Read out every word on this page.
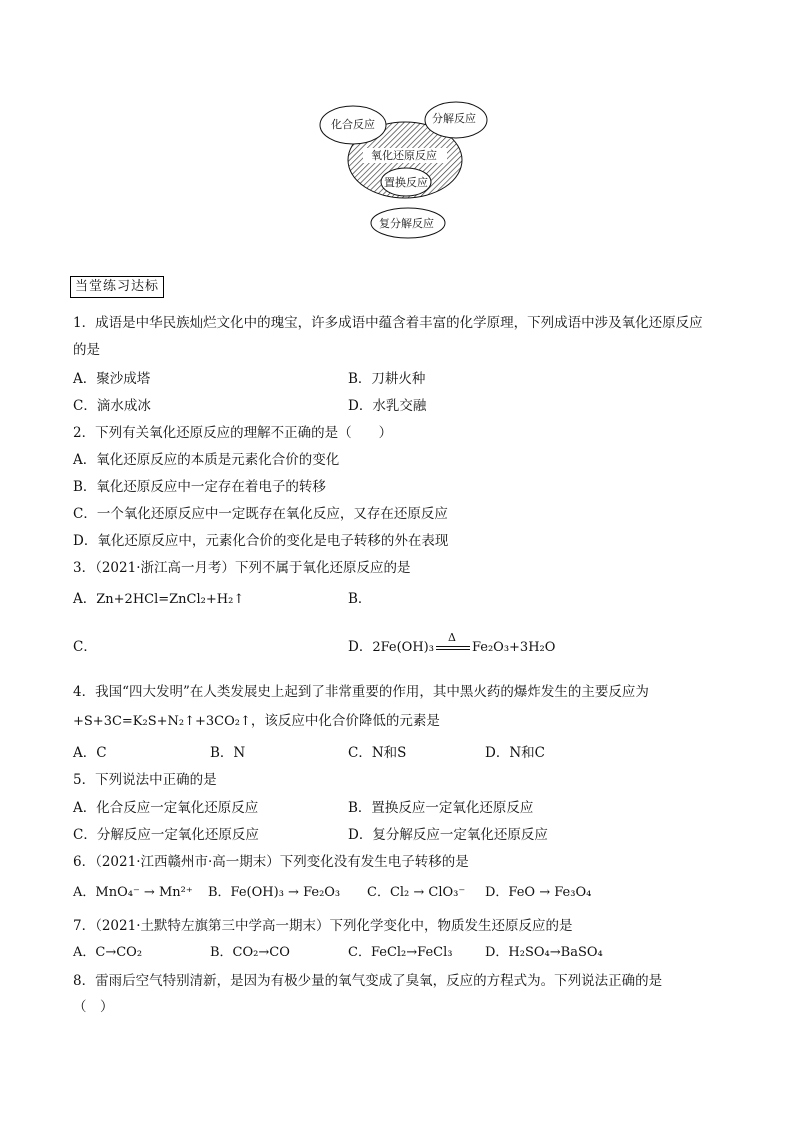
化合反应	分解反应
氧化还原反应
置换反应
复分解反应
当堂练习达标
1．成语是中华民族灿烂文化中的瑰宝，许多成语中蕴含着丰富的化学原理，下列成语中涉及氧化还原反应
的是
A．聚沙成塔	B．刀耕火种
C．滴水成冰	D．水乳交融
2．下列有关氧化还原反应的理解不正确的是（　　）
A．氧化还原反应的本质是元素化合价的变化
B．氧化还原反应中一定存在着电子的转移
C．一个氧化还原反应中一定既存在氧化反应，又存在还原反应
D．氧化还原反应中，元素化合价的变化是电子转移的外在表现
3．（2021·浙江高一月考）下列不属于氧化还原反应的是
A．Zn+2HCl=ZnCl₂+H₂↑	B．
C．	D．2Fe(OH)₃
Δ
Fe₂O₃+3H₂O
4．我国“四大发明”在人类发展史上起到了非常重要的作用，其中黑火药的爆炸发生的主要反应为
+S+3C=K₂S+N₂↑+3CO₂↑，该反应中化合价降低的元素是
A．C	B．N	C．N和S	D．N和C
5．下列说法中正确的是
A．化合反应一定氧化还原反应	B．置换反应一定氧化还原反应
C．分解反应一定氧化还原反应	D．复分解反应一定氧化还原反应
6．（2021·江西赣州市·高一期末）下列变化没有发生电子转移的是
A．MnO₄⁻ → Mn²⁺ B．Fe(OH)₃ → Fe₂O₃ C．Cl₂ → ClO₃⁻ D．FeO → Fe₃O₄
7．（2021·土默特左旗第三中学高一期末）下列化学变化中，物质发生还原反应的是
A．C→CO₂	B．CO₂→CO	C．FeCl₂→FeCl₃	D．H₂SO₄→BaSO₄
8．雷雨后空气特别清新，是因为有极少量的氧气变成了臭氧，反应的方程式为。下列说法正确的是
（　）
